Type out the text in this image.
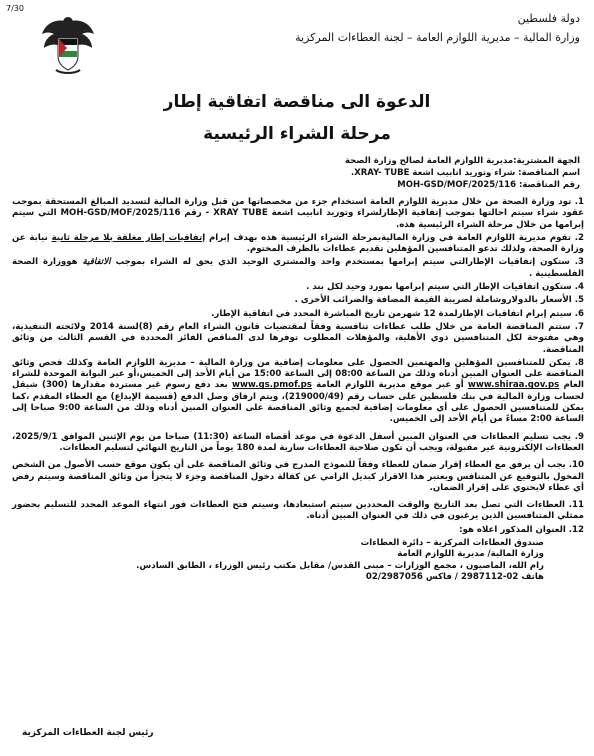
7/30
دولة فلسطين
وزارة المالية – مديرية اللوازم العامة – لجنة العطاءات المركزية
الدعوة الى مناقصة اتفاقية إطار
مرحلة الشراء الرئيسية
الجهة المشترية:مديرية اللوازم العامة لصالح وزارة الصحة
اسم المناقصة: شراء وتوريد انابيب اشعة XRAY- TUBE.
رقم المناقصة: MOH-GSD/MOF/2025/116

1. تود وزارة الصحة من خلال مديرية اللوازم العامة استخدام جزء من مخصصاتها من قبل وزارة المالية لتسديد المبالغ المستحقة بموجب عقود شراء سيتم احالتها بموجب إتفاقية الإطارلشراء وتوريد انابيب اشعة XRAY TUBE - رقم MOH-GSD/MOF/2025/116 التي سيتم إبرامها من خلال مرحلة الشراء الرئيسية هذه.

2. تقوم مديرية اللوازم العامة في وزارة الماليةبمرحلة الشراء الرئيسية هذه بهدف إبرام إتفاقيات إطار مغلقة بلا مرحلة ثانية نيابة عن وزارة الصحة، ولذلك تدعو المتنافسين المؤهلين تقديم عطاءات بالظرف المختوم.

3. ستكون إتفاقيات الإطارالتي سيتم إبرامها بمستخدم واحد والمشتري الوحيد الذي يحق له الشراء بموجب الاتفاقية هووزارة الصحة الفلسطينية .

4. ستكون اتفاقيات الإطار التي سيتم إبرامها بمورد وحيد لكل بند .

5. الأسعار بالدولاروشاملة لضريبة القيمة المضافة والضرائب الأخرى .

6. سيتم إبرام اتفاقيات الإطارلمدة 12 شهرمن تاريخ المباشرة المحدد في اتفاقية الإطار.

7. ستتم المناقصة العامة من خلال طلب عطاءات تنافسية وفقاً لمقتضيات قانون الشراء العام رقم (8)لسنة 2014 ولائحته التنفيذية، وهي مفتوحة لكل المتنافسين ذوي الأهلية، والمؤهلات المطلوب توفرها لدى المناقص الفائز المحددة في القسم الثالث من وثائق المناقصة.

8. يمكن للمتنافسين المؤهلين والمهتمين الحصول على معلومات إضافية من وزارة المالية – مديرية اللوازم العامة وكذلك فحص وثائق المناقصة على العنوان المبين أدناه وذلك من الساعة 08:00 إلى الساعة 15:00 من أيام الأحد إلى الخميس،أو عبر البوابة الموحدة للشراء العام www.shiraa.gov.ps أو عبر موقع مديرية اللوازم العامة www.gs.pmof.ps بعد دفع رسوم غير مستردة مقدارها (300) شيقل لحساب وزارة المالية في بنك فلسطين على حساب رقم (219000/49)، ويتم ارفاق وصل الدفع (قسيمة الإيداع) مع العطاء المقدم ،كما يمكن للمتنافسين الحصول على أي معلومات إضافية لجميع وثائق المناقصة على العنوان المبين أدناه وذلك من الساعة 9:00 صباحا إلى الساعة 2:00 مساءً من أيام الأحد إلى الخميس.

9. يجب تسليم العطاءات في العنوان المبين أسفل الدعوة في موعد أقصاه الساعة (11:30) صباحا من يوم الإثنين الموافق 2025/9/1، العطاءات الإلكترونية غير مقبولة، ويجب أن تكون صلاحية العطاءات سارية لمدة 180 يوماً من التاريخ النهائي لتسليم العطاءات.

10. يجب أن يرفق مع العطاء إقرار ضمان للعطاء وفقاً للنموذج المدرج في وثائق المناقصة على أن يكون موقع حسب الأصول من الشخص المخول بالتوقيع عن المتنافس ويعتبر هذا الاقرار كبديل الزامي عن كفالة دخول المناقصة وجزء لا يتجزأ من وثائق المناقصة وسيتم رفض أي عطاء لايحتوي على إقرار الضمان.

11. العطاءات التي تصل بعد التاريخ والوقت المحددين سيتم استبعادها، وسيتم فتح العطاءات فور انتهاء الموعد المحدد للتسليم بحضور ممثلي المتنافسين الذين يرغبون في ذلك في العنوان المبين أدناه.

12. العنوان المذكور اعلاه هو:

صندوق العطاءات المركزية – دائرة العطاءات
وزارة المالية/ مديرية اللوازم العامة
رام الله، الماصيون ، مجمع الوزارات – مبنى القدس/ مقابل مكتب رئيس الوزراء ، الطابق السادس.
هاتف 02-2987112 / فاكس 02/2987056
رئيس لجنة العطاءات المركزية
